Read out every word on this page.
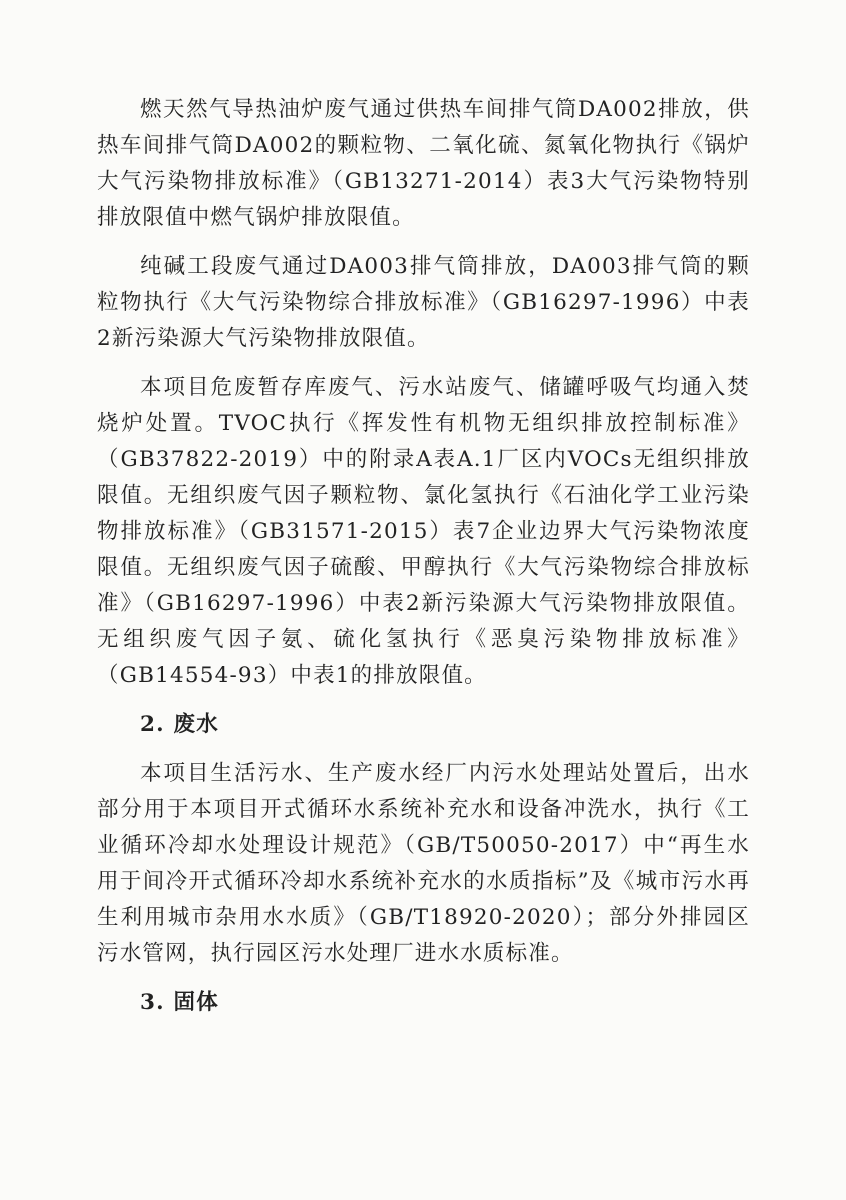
燃天然气导热油炉废气通过供热车间排气筒DA002排放，供热车间排气筒DA002的颗粒物、二氧化硫、氮氧化物执行《锅炉大气污染物排放标准》（GB13271-2014）表3大气污染物特别排放限值中燃气锅炉排放限值。

纯碱工段废气通过DA003排气筒排放，DA003排气筒的颗粒物执行《大气污染物综合排放标准》（GB16297-1996）中表2新污染源大气污染物排放限值。

本项目危废暂存库废气、污水站废气、储罐呼吸气均通入焚烧炉处置。TVOC执行《挥发性有机物无组织排放控制标准》（GB37822-2019）中的附录A表A.1厂区内VOCs无组织排放限值。无组织废气因子颗粒物、氯化氢执行《石油化学工业污染物排放标准》（GB31571-2015）表7企业边界大气污染物浓度限值。无组织废气因子硫酸、甲醇执行《大气污染物综合排放标准》（GB16297-1996）中表2新污染源大气污染物排放限值。无组织废气因子氨、硫化氢执行《恶臭污染物排放标准》（GB14554-93）中表1的排放限值。

2. 废水

本项目生活污水、生产废水经厂内污水处理站处置后，出水部分用于本项目开式循环水系统补充水和设备冲洗水，执行《工业循环冷却水处理设计规范》（GB/T50050-2017）中“再生水用于间冷开式循环冷却水系统补充水的水质指标”及《城市污水再生利用城市杂用水水质》（GB/T18920-2020）；部分外排园区污水管网，执行园区污水处理厂进水水质标准。

3. 固体
